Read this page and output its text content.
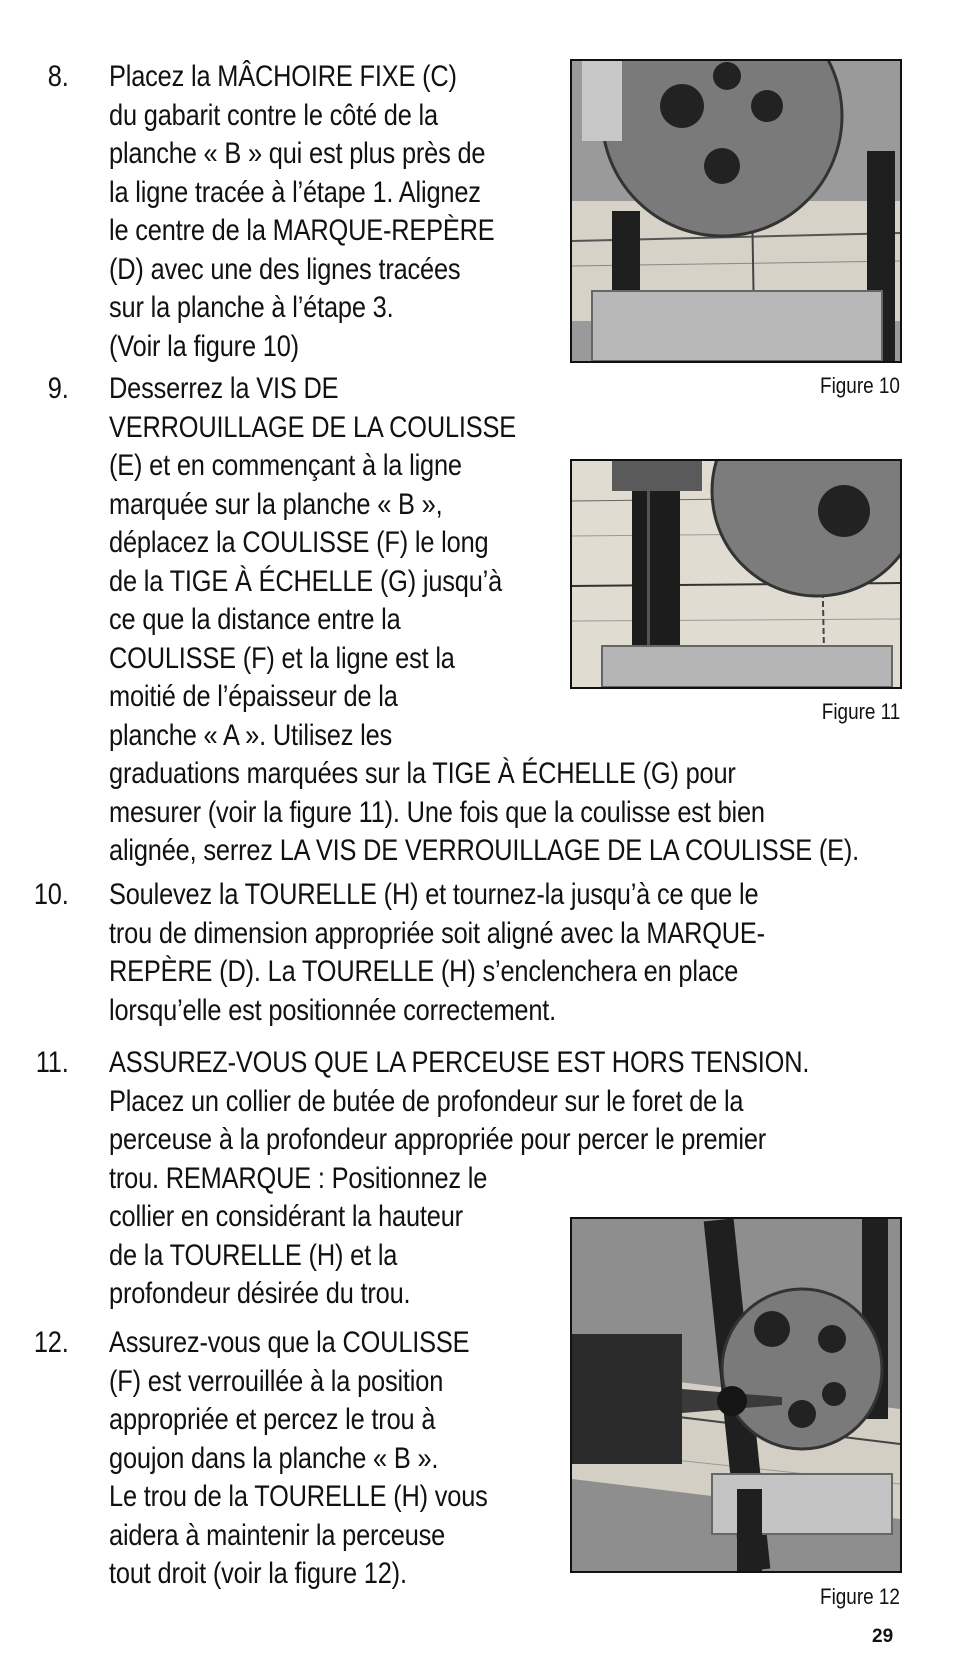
8. Placez la MÂCHOIRE FIXE (C)
du gabarit contre le côté de la
planche « B » qui est plus près de
la ligne tracée à l’étape 1. Alignez
le centre de la MARQUE-REPÈRE
(D) avec une des lignes tracées
sur la planche à l’étape 3.
(Voir la figure 10)
9. Desserrez la VIS DE
VERROUILLAGE DE LA COULISSE
(E) et en commençant à la ligne
marquée sur la planche « B »,
déplacez la COULISSE (F) le long
de la TIGE À ÉCHELLE (G) jusqu’à
ce que la distance entre la
COULISSE (F) et la ligne est la
moitié de l’épaisseur de la
planche « A ». Utilisez les
graduations marquées sur la TIGE À ÉCHELLE (G) pour
mesurer (voir la figure 11). Une fois que la coulisse est bien
alignée, serrez LA VIS DE VERROUILLAGE DE LA COULISSE (E).
10. Soulevez la TOURELLE (H) et tournez-la jusqu’à ce que le
trou de dimension appropriée soit aligné avec la MARQUE-
REPÈRE (D). La TOURELLE (H) s’enclenchera en place
lorsqu’elle est positionnée correctement.
11. ASSUREZ-VOUS QUE LA PERCEUSE EST HORS TENSION.
Placez un collier de butée de profondeur sur le foret de la
perceuse à la profondeur appropriée pour percer le premier
trou. REMARQUE : Positionnez le
collier en considérant la hauteur
de la TOURELLE (H) et la
profondeur désirée du trou.
12. Assurez-vous que la COULISSE
(F) est verrouillée à la position
appropriée et percez le trou à
goujon dans la planche « B ».
Le trou de la TOURELLE (H) vous
aidera à maintenir la perceuse
tout droit (voir la figure 12).
Figure 10
Figure 11
Figure 12
29
